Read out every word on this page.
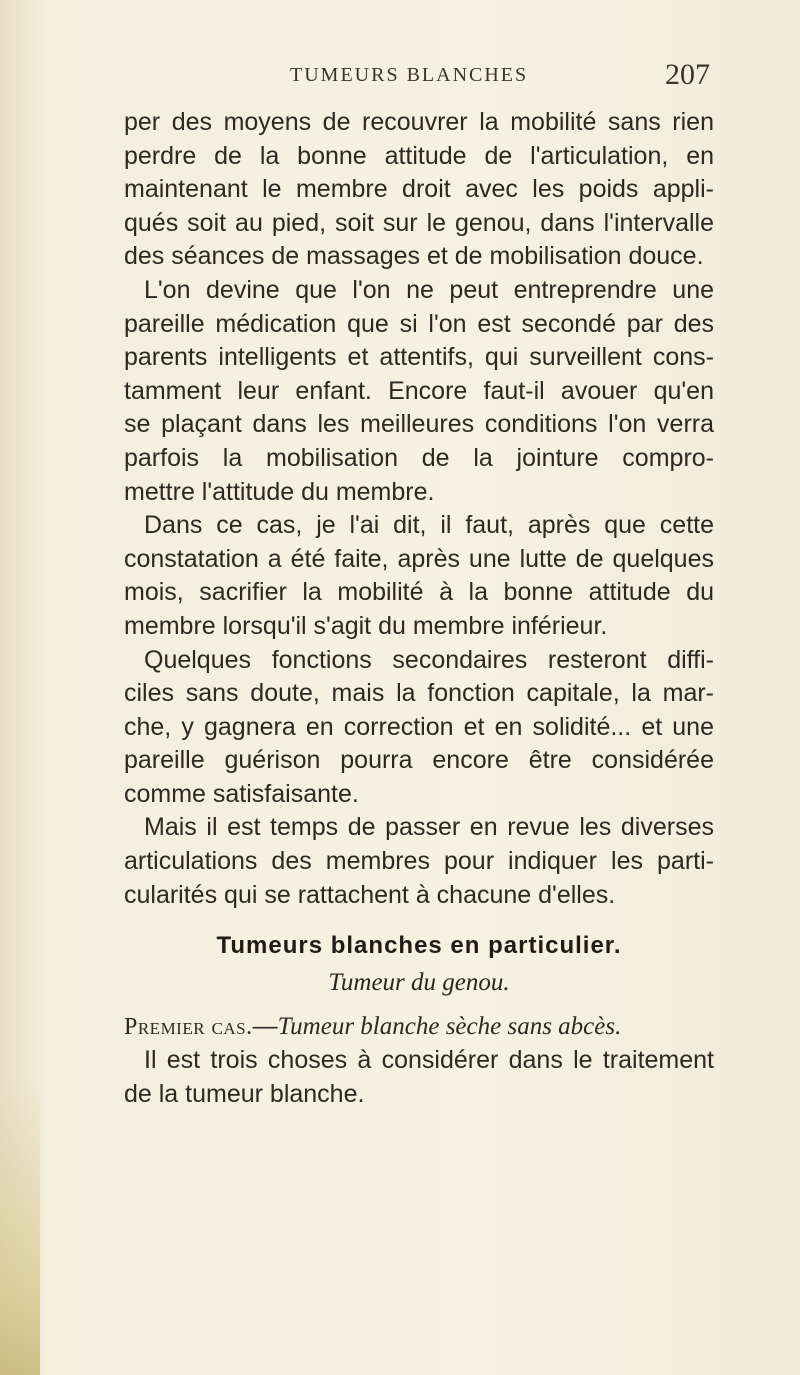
TUMEURS BLANCHES	207
per des moyens de recouvrer la mobilité sans rien
perdre de la bonne attitude de l'articulation, en
maintenant le membre droit avec les poids appli-
qués soit au pied, soit sur le genou, dans l'intervalle
des séances de massages et de mobilisation douce.
L'on devine que l'on ne peut entreprendre une
pareille médication que si l'on est secondé par des
parents intelligents et attentifs, qui surveillent cons-
tamment leur enfant. Encore faut-il avouer qu'en
se plaçant dans les meilleures conditions l'on verra
parfois la mobilisation de la jointure compro-
mettre l'attitude du membre.
Dans ce cas, je l'ai dit, il faut, après que cette
constatation a été faite, après une lutte de quelques
mois, sacrifier la mobilité à la bonne attitude du
membre lorsqu'il s'agit du membre inférieur.
Quelques fonctions secondaires resteront diffi-
ciles sans doute, mais la fonction capitale, la mar-
che, y gagnera en correction et en solidité... et une
pareille guérison pourra encore être considérée
comme satisfaisante.
Mais il est temps de passer en revue les diverses
articulations des membres pour indiquer les parti-
cularités qui se rattachent à chacune d'elles.
Tumeurs blanches en particulier.
Tumeur du genou.
Premier cas.—Tumeur blanche sèche sans abcès.
Il est trois choses à considérer dans le traitement
de la tumeur blanche.
